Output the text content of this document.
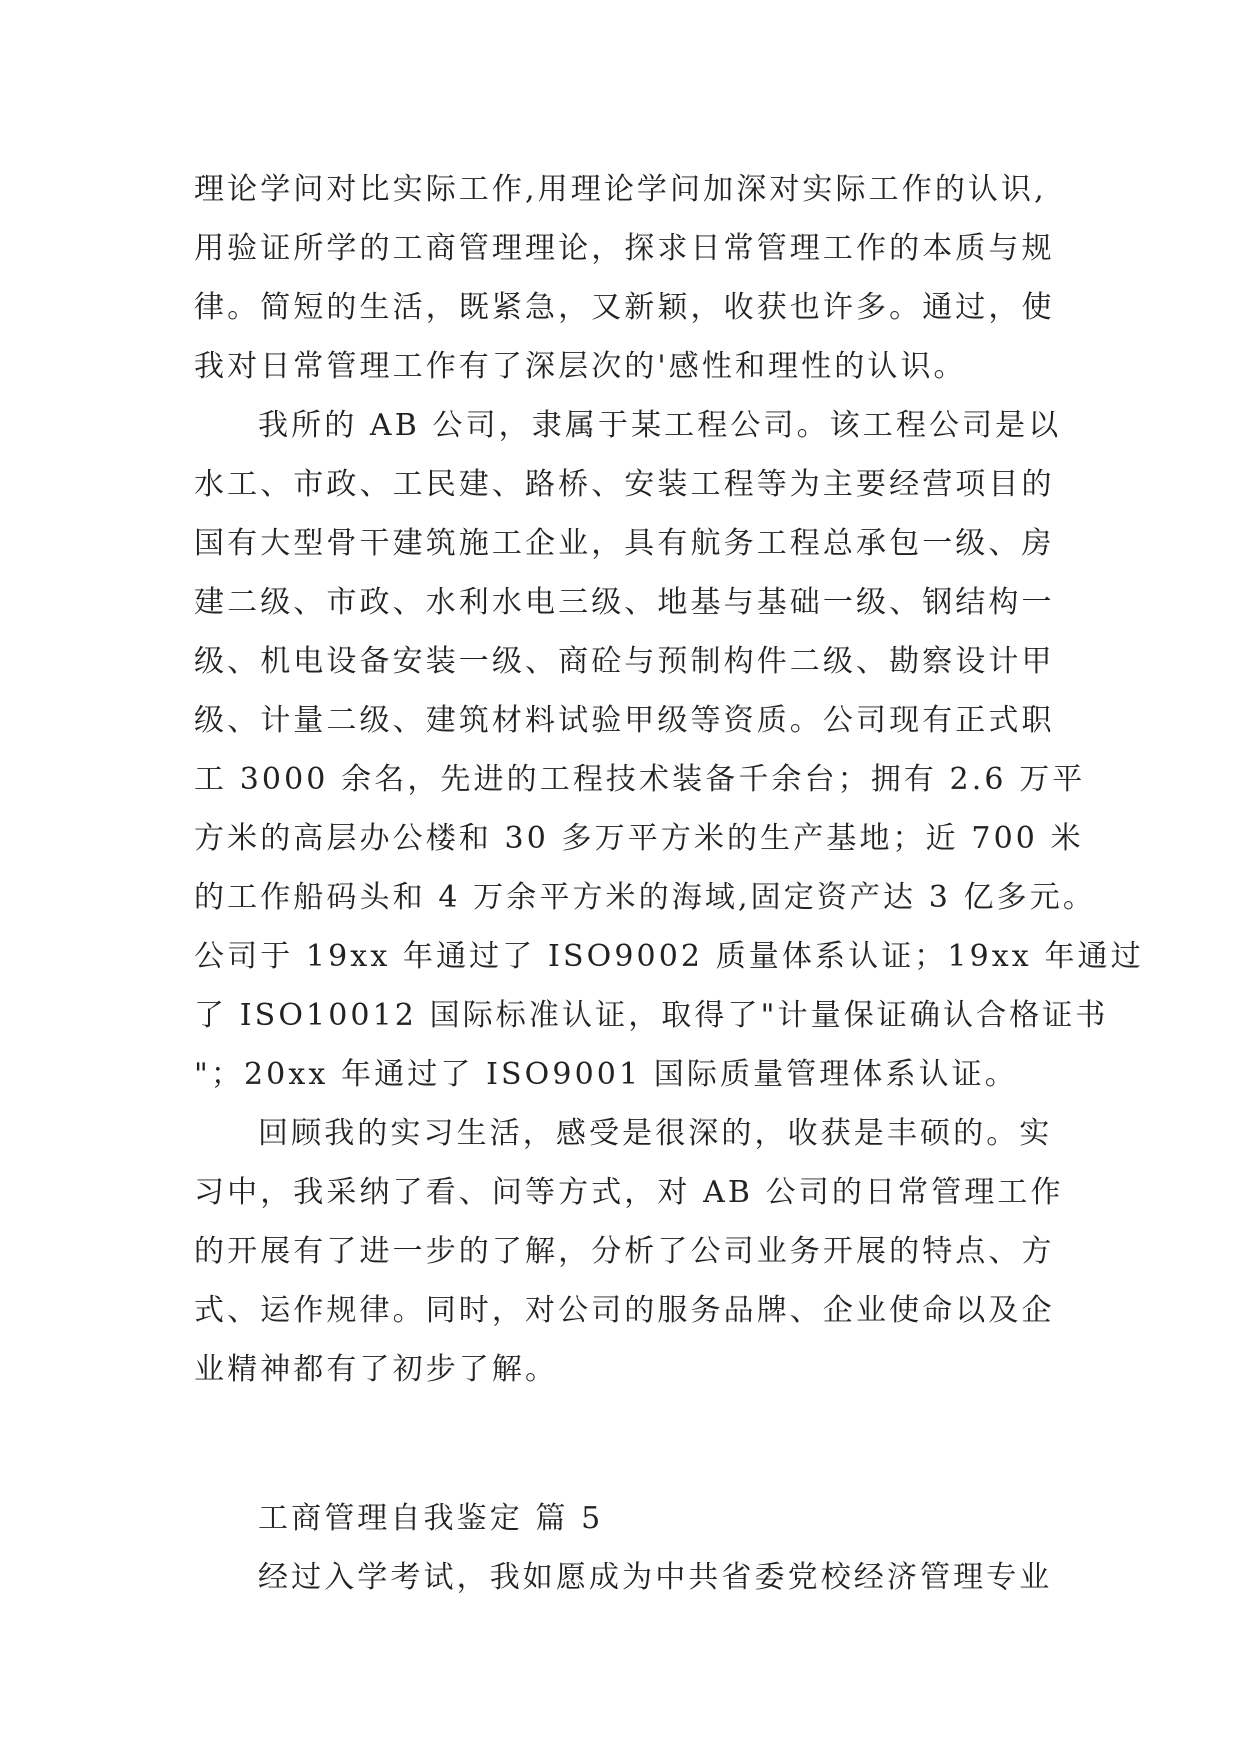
理论学问对比实际工作,用理论学问加深对实际工作的认识,
用验证所学的工商管理理论，探求日常管理工作的本质与规
律。简短的生活，既紧急，又新颖，收获也许多。通过，使
我对日常管理工作有了深层次的'感性和理性的认识。
我所的 AB 公司，隶属于某工程公司。该工程公司是以
水工、市政、工民建、路桥、安装工程等为主要经营项目的
国有大型骨干建筑施工企业，具有航务工程总承包一级、房
建二级、市政、水利水电三级、地基与基础一级、钢结构一
级、机电设备安装一级、商砼与预制构件二级、勘察设计甲
级、计量二级、建筑材料试验甲级等资质。公司现有正式职
工 3000 余名，先进的工程技术装备千余台；拥有 2.6 万平
方米的高层办公楼和 30 多万平方米的生产基地；近 700 米
的工作船码头和 4 万余平方米的海域,固定资产达 3 亿多元。
公司于 19xx 年通过了 ISO9002 质量体系认证；19xx 年通过
了 ISO10012 国际标准认证，取得了"计量保证确认合格证书
"；20xx 年通过了 ISO9001 国际质量管理体系认证。
回顾我的实习生活，感受是很深的，收获是丰硕的。实
习中，我采纳了看、问等方式，对 AB 公司的日常管理工作
的开展有了进一步的了解，分析了公司业务开展的特点、方
式、运作规律。同时，对公司的服务品牌、企业使命以及企
业精神都有了初步了解。
工商管理自我鉴定 篇 5
经过入学考试，我如愿成为中共省委党校经济管理专业
